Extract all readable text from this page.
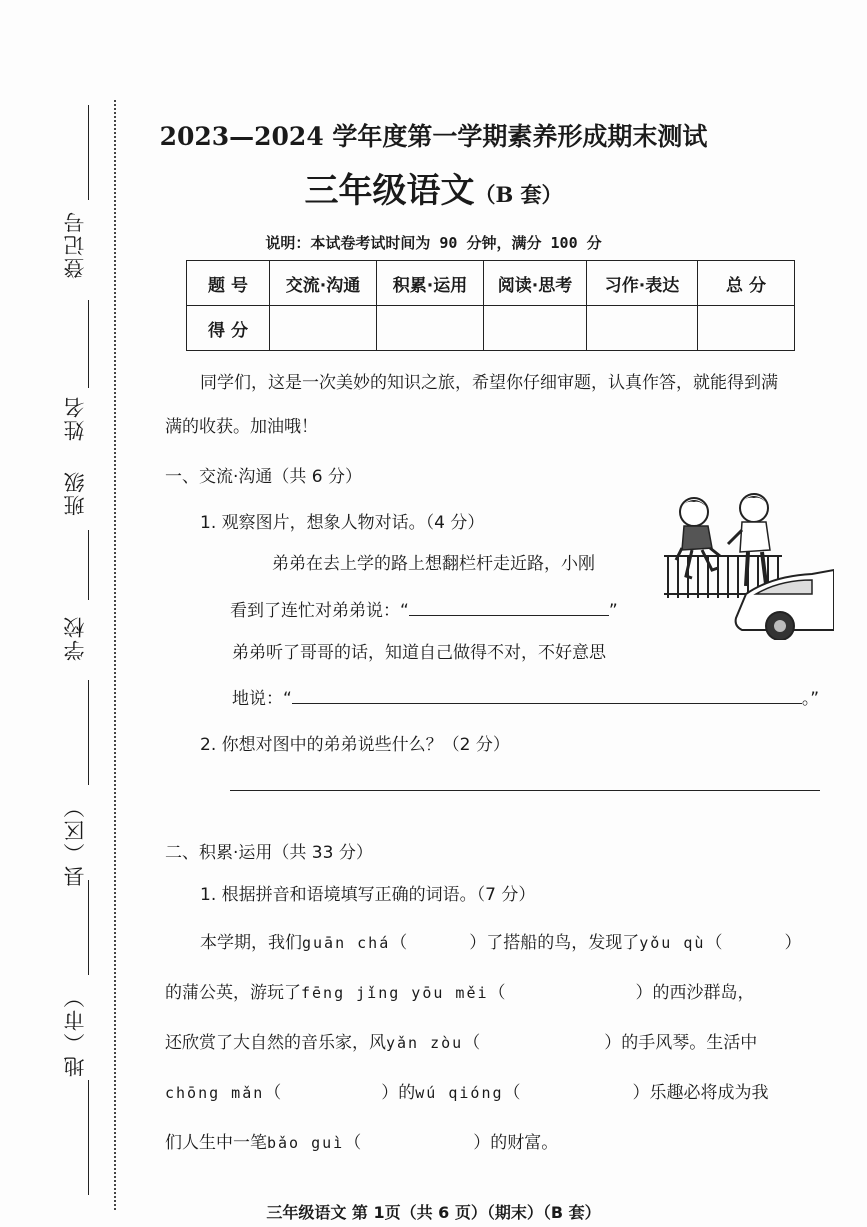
登记号
姓名
班级
学校
县（区）
地（市）
2023—2024 学年度第一学期素养形成期末测试
三年级语文（B 套）
说明：本试卷考试时间为 90 分钟，满分 100 分
题 号	交流·沟通	积累·运用	阅读·思考	习作·表达	总 分
得 分					
同学们，这是一次美妙的知识之旅，希望你仔细审题，认真作答，就能得到满
满的收获。加油哦！
一、交流·沟通（共 6 分）
1. 观察图片，想象人物对话。（4 分）
弟弟在去上学的路上想翻栏杆走近路，小刚
看到了连忙对弟弟说：“	”
弟弟听了哥哥的话，知道自己做得不对，不好意思
地说：“	。”
2. 你想对图中的弟弟说些什么？（2 分）
二、积累·运用（共 33 分）
1. 根据拼音和语境填写正确的词语。（7 分）
本学期，我们guān chá（	）了搭船的鸟，发现了yǒu qù（	）
的蒲公英，游玩了fēng jǐng yōu měi（	）的西沙群岛，
还欣赏了大自然的音乐家，风yǎn zòu（	）的手风琴。生活中
chōng mǎn（	）的wú qióng（	）乐趣必将成为我
们人生中一笔bǎo guì（	）的财富。
三年级语文 第 1页（共 6 页）（期末）（B 套）
